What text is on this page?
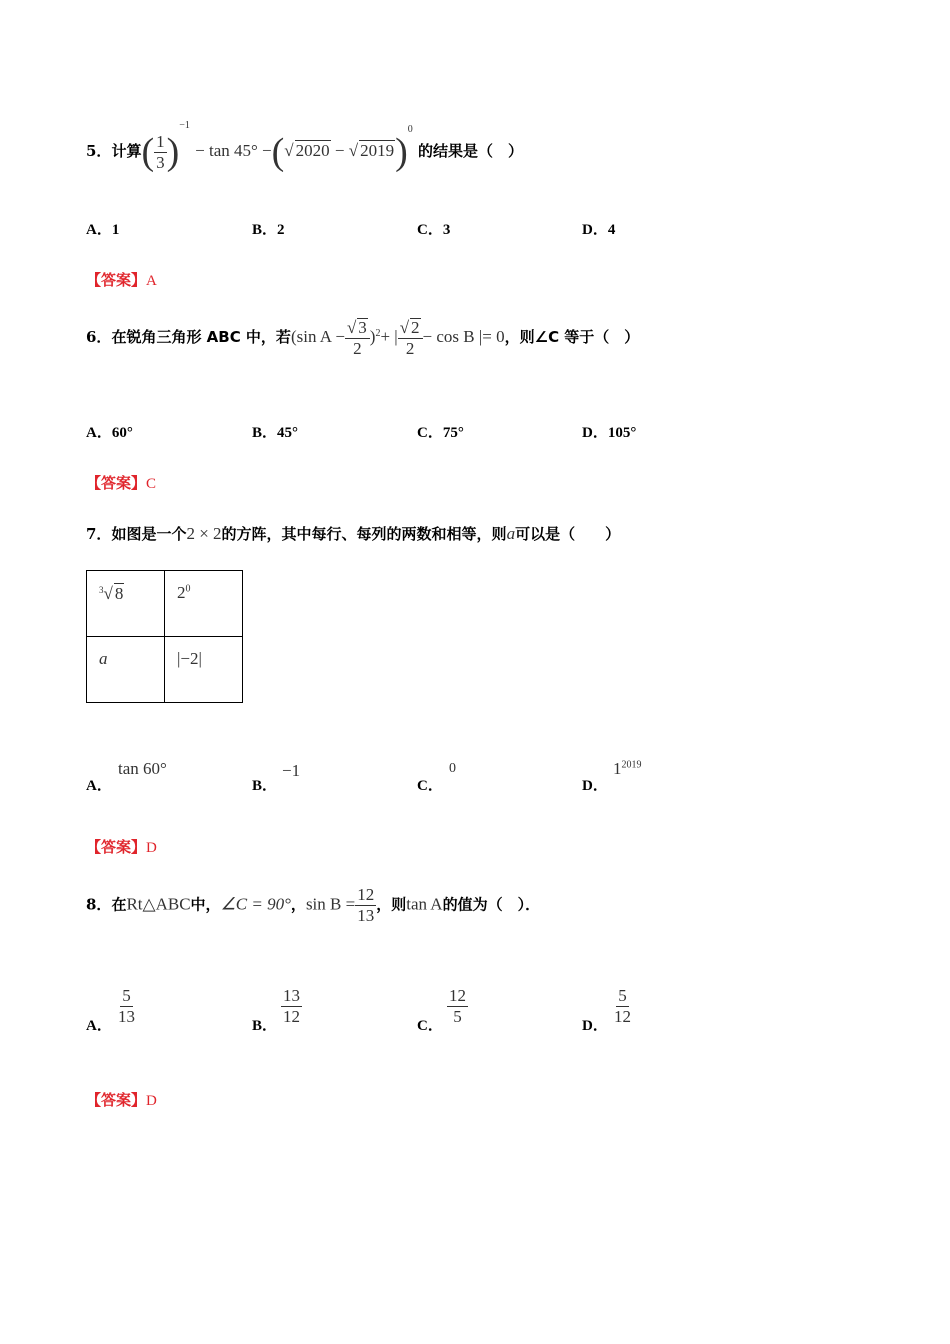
5．计算( $\frac{1}{3} )^{-1} - \tan 45^\circ$ −(√ 2020 − √ 2019)$^0$ 的结果是（　）
A．1	B．2	C．3	D．4
【答案】A
6．在锐角三角形 ABC 中，若(sin $A - \frac{√ 3}{2} )^2+$ | $\frac{√ 2}{2} - \cos B$ |= 0，则∠C 等于（　）
A．60°	B．45°	C．75°	D．105°
【答案】C
7．如图是一个2 × 2的方阵，其中每行、每列的两数和相等，则a可以是（　　）
$^3$√ 8	$2^0$
a	|−2|
A．
tan 60°
B．
−1
C．
0
D．
$1^{2019}$
【答案】D
8．在Rt△ABC中，∠C = 90°，$\sin B = \frac{12}{13}$ ，则tan A的值为（　）．
A．
$\frac{5}{13}$
B．
$\frac{13}{12}$
C．
$\frac{12}{5}$
D．
$\frac{5}{12}$
【答案】D
